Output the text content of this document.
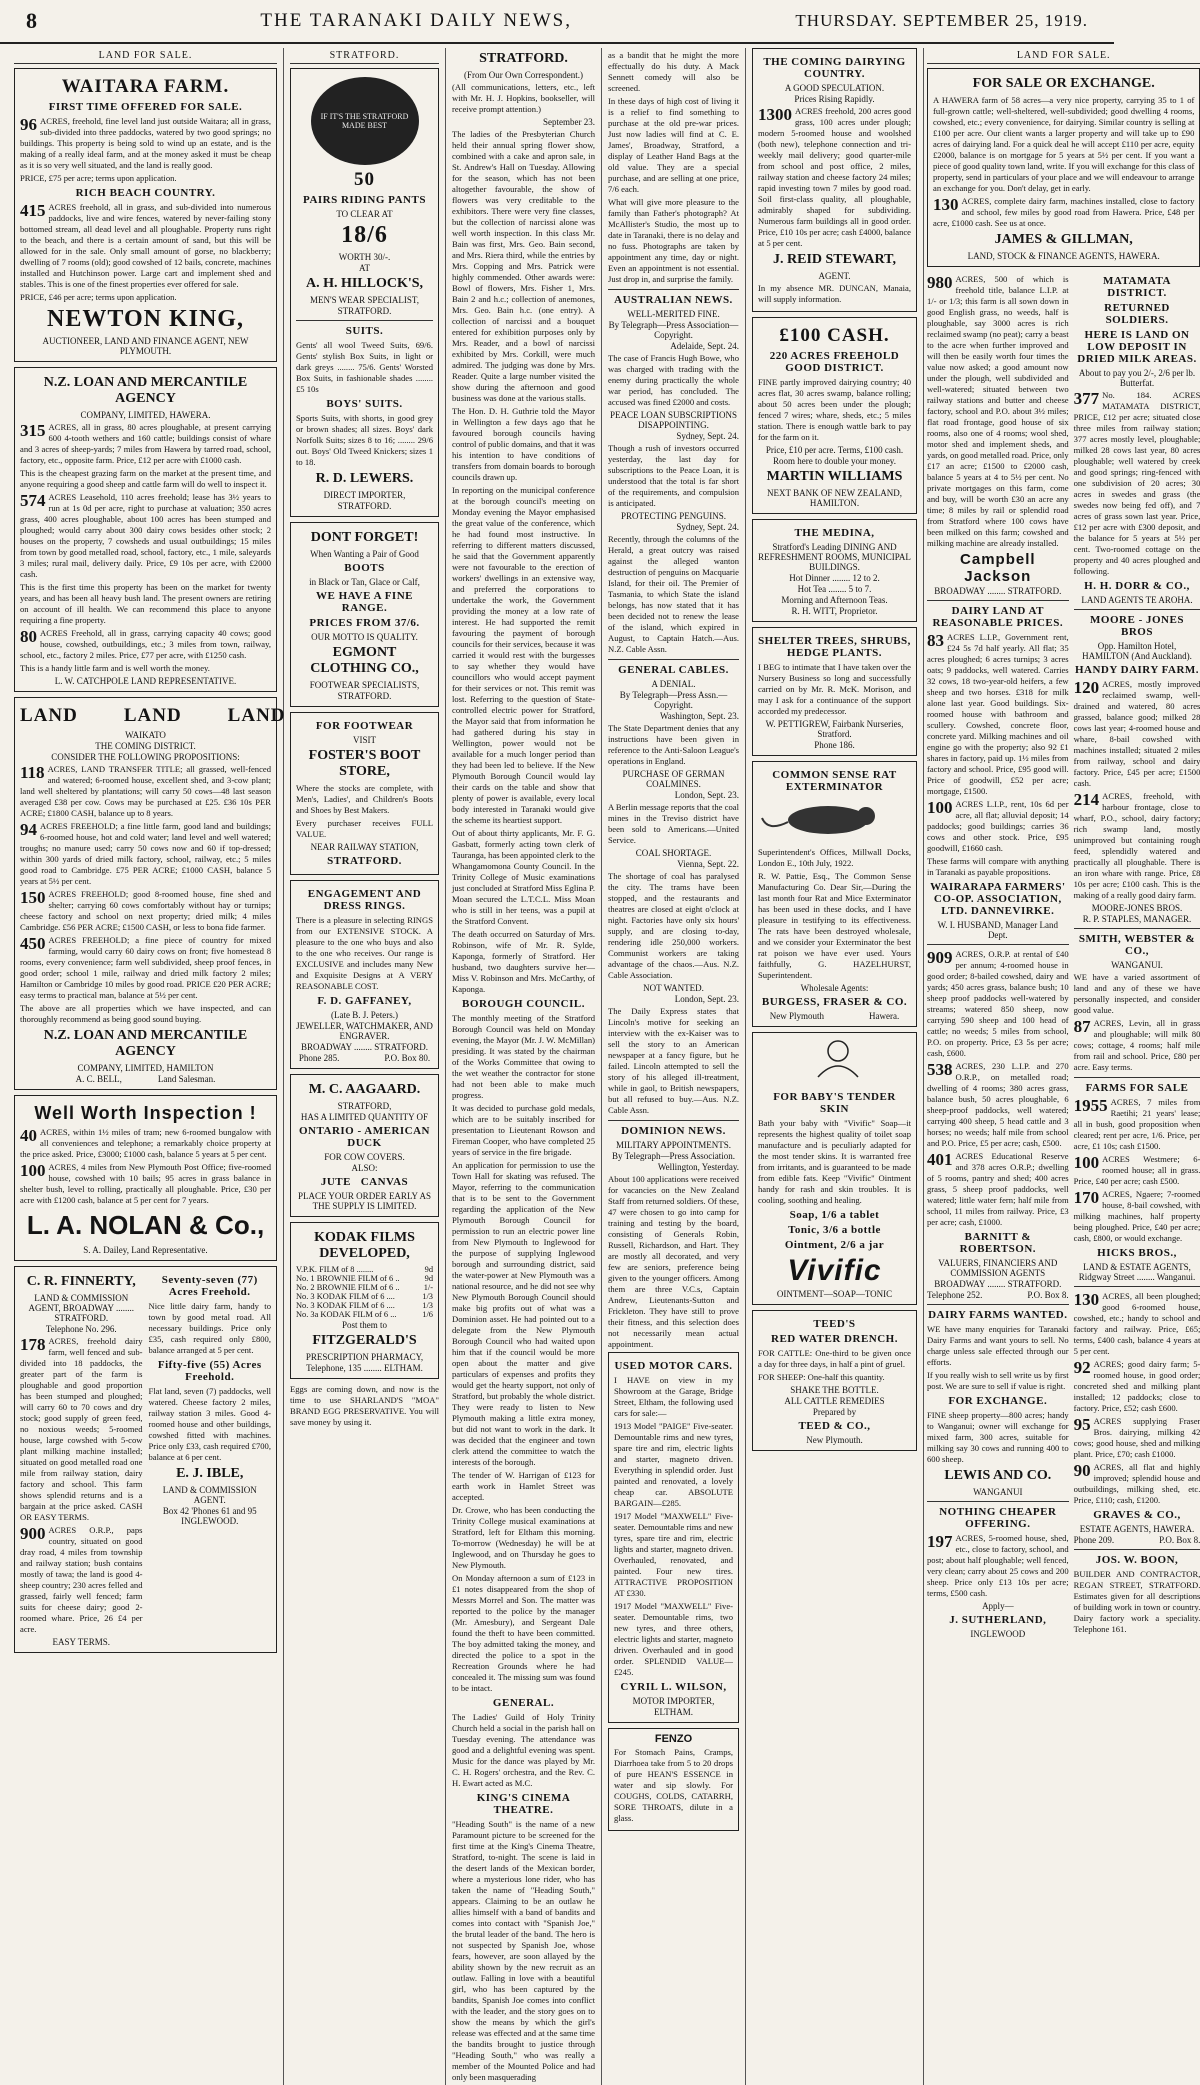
8	THE TARANAKI DAILY NEWS,	THURSDAY. SEPTEMBER 25, 1919.
LAND FOR SALE.
WAITARA FARM.
FIRST TIME OFFERED FOR SALE.

96 ACRES, freehold, fine level land just outside Waitara; all in grass, sub-divided into three paddocks, watered by two good springs; no buildings. This property is being sold to wind up an estate, and is the making of a really ideal farm, and at the money asked it must be cheap as it is so very well situated, and the land is really good.

PRICE, £75 per acre; terms upon application.

RICH BEACH COUNTRY.

415 ACRES freehold, all in grass, and sub-divided into numerous paddocks, live and wire fences, watered by never-failing stony bottomed stream, all dead level and all ploughable. Property runs right to the beach, and there is a certain amount of sand, but this will be allowed for in the sale. Only small amount of gorse, no blackberry; dwelling of 7 rooms (old); good cowshed of 12 bails, concrete, machines installed and Hutchinson power. Large cart and implement shed and stables. This is one of the finest properties ever offered for sale.

PRICE, £46 per acre; terms upon application.

NEWTON KING,
AUCTIONEER, LAND AND FINANCE AGENT, NEW PLYMOUTH.
N.Z. LOAN AND MERCANTILE AGENCY
COMPANY, LIMITED, HAWERA.

315 ACRES, all in grass, 80 acres ploughable, at present carrying 600 4-tooth wethers and 160 cattle; buildings consist of whare and 3 acres of sheep-yards; 7 miles from Hawera by tarred road, school, factory, etc., opposite farm. Price, £12 per acre with £1000 cash.

This is the cheapest grazing farm on the market at the present time, and anyone requiring a good sheep and cattle farm will do well to inspect it.

574 ACRES Leasehold, 110 acres freehold; lease has 3½ years to run at 1s 0d per acre, right to purchase at valuation; 350 acres grass, 400 acres ploughable, about 100 acres has been stumped and ploughed; would carry about 300 dairy cows besides other stock; 2 houses on the property, 7 cowsheds and usual outbuildings; 15 miles from town by good metalled road, school, factory, etc., 1 mile, saleyards 3 miles; rural mail, delivery daily. Price, £9 10s per acre, with £2000 cash.

This is the first time this property has been on the market for twenty years, and has been all heavy bush land. The present owners are retiring on account of ill health. We can recommend this place to anyone requiring a fine property.

80 ACRES Freehold, all in grass, carrying capacity 40 cows; good house, cowshed, outbuildings, etc.; 3 miles from town, railway, school, etc., factory 2 miles. Price, £77 per acre, with £1250 cash.

This is a handy little farm and is well worth the money.

L. W. CATCHPOLE LAND REPRESENTATIVE.
LAND        LAND        LAND
WAIKATO
THE COMING DISTRICT.
CONSIDER THE FOLLOWING PROPOSITIONS:

118 ACRES, LAND TRANSFER TITLE; all grassed, well-fenced and watered; 6-roomed house, excellent shed, and 3-cow plant; land well sheltered by plantations; will carry 50 cows—48 last season averaged £38 per cow. Cows may be purchased at £25. £36 10s PER ACRE; £1800 CASH, balance up to 8 years.

94 ACRES FREEHOLD; a fine little farm, good land and buildings; 6-roomed house, hot and cold water; land level and well watered; troughs; no manure used; carry 50 cows now and 60 if top-dressed; within 300 yards of dried milk factory, school, railway, etc.; 5 miles good road to Cambridge. £75 PER ACRE; £1000 CASH, balance 5 years at 5½ per cent.

150 ACRES FREEHOLD; good 8-roomed house, fine shed and shelter; carrying 60 cows comfortably without hay or turnips; cheese factory and school on next property; dried milk; 4 miles Cambridge. £56 PER ACRE; £1500 CASH, or less to bona fide farmer.

450 ACRES FREEHOLD; a fine piece of country for mixed farming, would carry 60 dairy cows on front; five homestead 8 rooms, every convenience; farm well subdivided, sheep proof fences, in good order; school 1 mile, railway and dried milk factory 2 miles; Hamilton or Cambridge 10 miles by good road. PRICE £20 PER ACRE; easy terms to practical man, balance at 5½ per cent.

The above are all properties which we have inspected, and can thoroughly recommend as being good sound buying.

N.Z. LOAN AND MERCANTILE AGENCY
COMPANY, LIMITED, HAMILTON
A. C. BELL,                Land Salesman.
Well Worth Inspection !

40 ACRES, within 1½ miles of tram; new 6-roomed bungalow with all conveniences and telephone; a remarkably choice property at the price asked. Price, £3000; £1000 cash, balance 5 years at 5 per cent.

100 ACRES, 4 miles from New Plymouth Post Office; five-roomed house, cowshed with 10 bails; 95 acres in grass balance in shelter bush, level to rolling, practically all ploughable. Price, £30 per acre with £1200 cash, balance at 5 per cent for 7 years.

L. A. NOLAN & Co.,
S. A. Dailey, Land Representative.
C. R. FINNERTY,
LAND & COMMISSION AGENT, BROADWAY ........ STRATFORD.
Telephone No. 296.

178 ACRES, freehold dairy farm, well fenced and sub-divided into 18 paddocks, the greater part of the farm is ploughable and good proportion has been stumped and ploughed; will carry 60 to 70 cows and dry stock; good supply of green feed, no noxious weeds; 5-roomed house, large cowshed with 5-cow plant milking machine installed; situated on good metalled road one mile from railway station, dairy factory and school. This farm shows splendid returns and is a bargain at the price asked. CASH OR EASY TERMS.

900 ACRES O.R.P., paps country, situated on good dray road, 4 miles from township and railway station; bush contains mostly of tawa; the land is good 4-sheep country; 230 acres felled and grassed, fairly well fenced; farm suits for cheese dairy; good 2-roomed whare. Price, 26 £4 per acre.

EASY TERMS.
Seventy-seven (77) Acres Freehold.

Nice little dairy farm, handy to town by good metal road. All necessary buildings. Price only £35, cash required only £800, balance arranged at 5 per cent.

Fifty-five (55) Acres Freehold.

Flat land, seven (7) paddocks, well watered. Cheese factory 2 miles, railway station 3 miles. Good 4-roomed house and other buildings, cowshed fitted with machines. Price only £33, cash required £700, balance at 6 per cent.

E. J. IBLE,
LAND & COMMISSION AGENT.
Box 42 'Phones 61 and 95 INGLEWOOD.
STRATFORD.
IF IT'S THE STRATFORD MADE BEST
50
PAIRS RIDING PANTS
TO CLEAR AT
18/6
WORTH 30/-.
AT
A. H. HILLOCK'S,
MEN'S WEAR SPECIALIST,
STRATFORD.
SUITS.

Gents' all wool Tweed Suits, 69/6. Gents' stylish Box Suits, in light or dark greys ........ 75/6. Gents' Worsted Box Suits, in fashionable shades ........ £5 10s

BOYS' SUITS.

Sports Suits, with shorts, in good grey or brown shades; all sizes. Boys' dark Norfolk Suits; sizes 8 to 16; ........ 29/6 out. Boys' Old Tweed Knickers; sizes 1 to 18.

R. D. LEWERS.
DIRECT IMPORTER,
STRATFORD.
DONT FORGET!
When Wanting a Pair of Good
BOOTS
in Black or Tan, Glace or Calf,
WE HAVE A FINE RANGE.
PRICES FROM 37/6.
OUR MOTTO IS QUALITY.
EGMONT CLOTHING CO.,
FOOTWEAR SPECIALISTS,
STRATFORD.
FOR FOOTWEAR
VISIT
FOSTER'S BOOT STORE,

Where the stocks are complete, with Men's, Ladies', and Children's Boots and Shoes by Best Makers.

Every purchaser receives FULL VALUE.

NEAR RAILWAY STATION,
STRATFORD.
ENGAGEMENT AND DRESS RINGS.

There is a pleasure in selecting RINGS from our EXTENSIVE STOCK. A pleasure to the one who buys and also to the one who receives. Our range is EXCLUSIVE and includes many New and Exquisite Designs at A VERY REASONABLE COST.

F. D. GAFFANEY,
(Late B. J. Peters.)
JEWELLER, WATCHMAKER, AND ENGRAVER.
BROADWAY ........ STRATFORD.
Phone 285.                    P.O. Box 80.
M. C. AAGAARD.
STRATFORD,
HAS A LIMITED QUANTITY OF
ONTARIO - AMERICAN DUCK
FOR COW COVERS.
ALSO:
JUTE   CANVAS
PLACE YOUR ORDER EARLY AS THE SUPPLY IS LIMITED.
KODAK FILMS DEVELOPED,
V.P.K. FILM of 8 ........	9d
No. 1 BROWNIE FILM of 6 ..	9d
No. 2 BROWNIE FILM of 6 ..	1/-
No. 3 KODAK FILM of 6 ....	1/3
No. 3 KODAK FILM of 6 ....	1/3
No. 3a KODAK FILM of 6 ...	1/6
Post them to
FITZGERALD'S
PRESCRIPTION PHARMACY,
Telephone, 135 ........ ELTHAM.

Eggs are coming down, and now is the time to use SHARLAND'S "MOA" BRAND EGG PRESERVATIVE. You will save money by using it.

STRATFORD.
(From Our Own Correspondent.)

(All communications, letters, etc., left with Mr. H. J. Hopkins, bookseller, will receive prompt attention.)

September 23.

The ladies of the Presbyterian Church held their annual spring flower show, combined with a cake and apron sale, in St. Andrew's Hall on Tuesday. Allowing for the season, which has not been altogether favourable, the show of flowers was very creditable to the exhibitors. There were very fine classes, but the collection of narcissi alone was well worth inspection. In this class Mr. Bain was first, Mrs. Geo. Bain second, and Mrs. Riera third, while the entries by Mrs. Copping and Mrs. Patrick were highly commended. Other awards were: Bowl of flowers, Mrs. Fisher 1, Mrs. Bain 2 and h.c.; collection of anemones, Mrs. Geo. Bain h.c. (one entry). A collection of narcissi and a bouquet entered for exhibition purposes only by Mrs. Reader, and a bowl of narcissi exhibited by Mrs. Corkill, were much admired. The judging was done by Mrs. Reader. Quite a large number visited the show during the afternoon and good business was done at the various stalls.

The Hon. D. H. Guthrie told the Mayor in Wellington a few days ago that he favoured borough councils having control of public domains, and that it was his intention to have conditions of transfers from domain boards to borough councils drawn up.

In reporting on the municipal conference at the borough council's meeting on Monday evening the Mayor emphasised the great value of the conference, which he had found most instructive. In referring to different matters discussed, he said that the Government apparently were not favourable to the erection of workers' dwellings in an extensive way, and preferred the corporations to undertake the work, the Government providing the money at a low rate of interest. He had supported the remit favouring the payment of borough councils for their services, because it was carried it would rest with the burgesses to say whether they would have councillors who would accept payment for their services or not. This remit was lost. Referring to the question of State-controlled electric power for Stratford, the Mayor said that from information he had gathered during his stay in Wellington, power would not be available for a much longer period than they had been led to believe. If the New Plymouth Borough Council would lay their cards on the table and show that plenty of power is available, every local body interested in Taranaki would give the scheme its heartiest support.

Out of about thirty applicants, Mr. F. G. Gasbatt, formerly acting town clerk of Tauranga, has been appointed clerk to the Whangamomona County Council. In the Trinity College of Music examinations just concluded at Stratford Miss Eglina P. Moan secured the L.T.C.L. Miss Moan who is still in her teens, was a pupil at the Stratford Convent.

The death occurred on Saturday of Mrs. Robinson, wife of Mr. R. Sylde, Kaponga, formerly of Stratford. Her husband, two daughters survive her—Miss V. Robinson and Mrs. McCarthy, of Kaponga.

BOROUGH COUNCIL.

The monthly meeting of the Stratford Borough Council was held on Monday evening, the Mayor (Mr. J. W. McMillan) presiding. It was stated by the chairman of the Works Committee that owing to the wet weather the contractor for stone had not been able to make much progress.

It was decided to purchase gold medals, which are to be suitably inscribed for presentation to Lieutenant Rowson and Fireman Cooper, who have completed 25 years of service in the fire brigade.

An application for permission to use the Town Hall for skating was refused. The Mayor, referring to the communication that is to be sent to the Government regarding the application of the New Plymouth Borough Council for permission to run an electric power line from New Plymouth to Inglewood for the purpose of supplying Inglewood borough and surrounding district, said the water-power at New Plymouth was a national resource, and he did not see why New Plymouth Borough Council should make big profits out of what was a Dominion asset. He had pointed out to a delegate from the New Plymouth Borough Council who had waited upon him that if the council would be more open about the matter and give particulars of expenses and profits they would get the hearty support, not only of Stratford, but probably the whole district. They were ready to listen to New Plymouth making a little extra money, but did not want to work in the dark. It was decided that the engineer and town clerk attend the committee to watch the interests of the borough.

The tender of W. Harrigan of £123 for earth work in Hamlet Street was accepted.

Dr. Crowe, who has been conducting the Trinity College musical examinations at Stratford, left for Eltham this morning. To-morrow (Wednesday) he will be at Inglewood, and on Thursday he goes to New Plymouth.

On Monday afternoon a sum of £123 in £1 notes disappeared from the shop of Messrs Morrel and Son. The matter was reported to the police by the manager (Mr. Amesbury), and Sergeant Dale found the theft to have been committed. The boy admitted taking the money, and directed the police to a spot in the Recreation Grounds where he had concealed it. The missing sum was found to be intact.

GENERAL.

The Ladies' Guild of Holy Trinity Church held a social in the parish hall on Tuesday evening. The attendance was good and a delightful evening was spent. Music for the dance was played by Mr. C. H. Rogers' orchestra, and the Rev. C. H. Ewart acted as M.C.

KING'S CINEMA THEATRE.

"Heading South" is the name of a new Paramount picture to be screened for the first time at the King's Cinema Theatre, Stratford, to-night. The scene is laid in the desert lands of the Mexican border, where a mysterious lone rider, who has taken the name of "Heading South," appears. Claiming to be an outlaw he allies himself with a band of bandits and comes into contact with "Spanish Joe," the brutal leader of the band. The hero is not suspected by Spanish Joe, whose fears, however, are soon allayed by the ability shown by the new recruit as an outlaw. Falling in love with a beautiful girl, who has been captured by the bandits, Spanish Joe comes into conflict with the leader, and the story goes on to show the means by which the girl's release was effected and at the same time the bandits brought to justice through "Heading South," who was really a member of the Mounted Police and had only been masquerading

as a bandit that he might the more effectually do his duty. A Mack Sennett comedy will also be screened.

In these days of high cost of living it is a relief to find something to purchase at the old pre-war prices. Just now ladies will find at C. E. James', Broadway, Stratford, a display of Leather Hand Bags at the old value. They are a special purchase, and are selling at one price, 7/6 each.

What will give more pleasure to the family than Father's photograph? At McAllister's Studio, the most up to date in Taranaki, there is no delay and no fuss. Photographs are taken by appointment any time, day or night. Even an appointment is not essential. Just drop in, and surprise the family.

AUSTRALIAN NEWS.
WELL-MERITED FINE.
By Telegraph—Press Association—Copyright.
Adelaide, Sept. 24.

The case of Francis Hugh Bowe, who was charged with trading with the enemy during practically the whole war period, has concluded. The accused was fined £2000 and costs.

PEACE LOAN SUBSCRIPTIONS DISAPPOINTING.
Sydney, Sept. 24.

Though a rush of investors occurred yesterday, the last day for subscriptions to the Peace Loan, it is understood that the total is far short of the requirements, and compulsion is anticipated.

PROTECTING PENGUINS.
Sydney, Sept. 24.

Recently, through the columns of the Herald, a great outcry was raised against the alleged wanton destruction of penguins on Macquarie Island, for their oil. The Premier of Tasmania, to which State the island belongs, has now stated that it has been decided not to renew the lease of the island, which expired in August, to Captain Hatch.—Aus. N.Z. Cable Assn.

GENERAL CABLES.
A DENIAL.
By Telegraph—Press Assn.—Copyright.
Washington, Sept. 23.

The State Department denies that any instructions have been given in reference to the Anti-Saloon League's operations in England.

PURCHASE OF GERMAN COALMINES.
London, Sept. 23.

A Berlin message reports that the coal mines in the Treviso district have been sold to Americans.—United Service.

COAL SHORTAGE.
Vienna, Sept. 22.

The shortage of coal has paralysed the city. The trams have been stopped, and the restaurants and theatres are closed at eight o'clock at night. Factories have only six hours' supply, and are closing to-day, rendering idle 250,000 workers. Communist workers are taking advantage of the chaos.—Aus. N.Z. Cable Association.

NOT WANTED.
London, Sept. 23.

The Daily Express states that Lincoln's motive for seeking an interview with the ex-Kaiser was to sell the story to an American newspaper at a fancy figure, but he failed. Lincoln attempted to sell the story of his alleged ill-treatment, while in gaol, to British newspapers, but all refused to buy.—Aus. N.Z. Cable Assn.

DOMINION NEWS.
MILITARY APPOINTMENTS.
By Telegraph—Press Association.
Wellington, Yesterday.

About 100 applications were received for vacancies on the New Zealand Staff from returned soldiers. Of these, 47 were chosen to go into camp for training and testing by the board, consisting of Generals Robin, Russell, Richardson, and Hart. They are mostly all decorated, and very few are seniors, preference being given to the younger officers. Among them are three V.C.s, Captain Andrew, Lieutenants-Sutton and Frickleton. They have still to prove their fitness, and this selection does not necessarily mean actual appointment.

USED MOTOR CARS.

I HAVE on view in my Showroom at the Garage, Bridge Street, Eltham, the following used cars for sale:—

1913 Model "PAIGE" Five-seater. Demountable rims and new tyres, spare tire and rim, electric lights and starter, magneto driven. Everything in splendid order. Just painted and renovated, a lovely cheap car. ABSOLUTE BARGAIN—£285.

1917 Model "MAXWELL" Five-seater. Demountable rims and new tyres, spare tire and rim, electric lights and starter, magneto driven. Overhauled, renovated, and painted. Four new tires. ATTRACTIVE PROPOSITION AT £330.

1917 Model "MAXWELL" Five-seater. Demountable rims, two new tyres, and three others, electric lights and starter, magneto driven. Overhauled and in good order. SPLENDID VALUE—£245.

CYRIL L. WILSON,
MOTOR IMPORTER,
ELTHAM.
FENZO

For Stomach Pains, Cramps, Diarrhoea take from 5 to 20 drops of pure HEAN'S ESSENCE in water and sip slowly. For COUGHS, COLDS, CATARRH, SORE THROATS, dilute in a glass.

THE COMING DAIRYING COUNTRY.
A GOOD SPECULATION.
Prices Rising Rapidly.

1300 ACRES freehold, 200 acres good grass, 100 acres under plough; modern 5-roomed house and woolshed (both new), telephone connection and tri-weekly mail delivery; good quarter-mile from school and post office, 2 miles, railway station and cheese factory 24 miles; rapid investing town 7 miles by good road. Soil first-class quality, all ploughable, admirably shaped for subdividing. Numerous farm buildings all in good order. Price, £10 10s per acre; cash £4000, balance at 5 per cent.

J. REID STEWART,
AGENT.

In my absence MR. DUNCAN, Manaia, will supply information.

£100 CASH.
220 ACRES FREEHOLD GOOD DISTRICT.

FINE partly improved dairying country; 40 acres flat, 30 acres swamp, balance rolling; about 50 acres been under the plough; fenced 7 wires; whare, sheds, etc.; 5 miles station. There is enough wattle bark to pay for the farm on it.

Price, £10 per acre. Terms, £100 cash.
Room here to double your money.
MARTIN WILLIAMS
NEXT BANK OF NEW ZEALAND, HAMILTON.
THE MEDINA,
Stratford's Leading DINING AND REFRESHMENT ROOMS, MUNICIPAL BUILDINGS.
Hot Dinner ........ 12 to 2.
Hot Tea ........ 5 to 7.
Morning and Afternoon Teas.
R. H. WITT, Proprietor.
SHELTER TREES, SHRUBS, HEDGE PLANTS.

I BEG to intimate that I have taken over the Nursery Business so long and successfully carried on by Mr. R. McK. Morison, and may I ask for a continuance of the support accorded my predecessor.

W. PETTIGREW, Fairbank Nurseries, Stratford.
Phone 186.
COMMON SENSE RAT EXTERMINATOR

Superintendent's Offices, Millwall Docks, London E., 10th July, 1922.

R. W. Pattie, Esq., The Common Sense Manufacturing Co. Dear Sir,—During the last month four Rat and Mice Exterminator has been used in these docks, and I have pleasure in testifying to its effectiveness. The rats have been destroyed wholesale, and we consider your Exterminator the best rat poison we have ever used. Yours faithfully, G. HAZELHURST, Superintendent.

Wholesale Agents:
BURGESS, FRASER & CO.
New Plymouth                    Hawera.
FOR BABY'S TENDER SKIN

Bath your baby with "Vivific" Soap—it represents the highest quality of toilet soap manufacture and is peculiarly adapted for the most tender skins. It is warranted free from irritants, and is guaranteed to be made from edible fats. Keep "Vivific" Ointment handy for rash and skin troubles. It is cooling, soothing and healing.

Soap, 1/6 a tablet
Tonic, 3/6 a bottle
Ointment, 2/6 a jar
Vivific
OINTMENT—SOAP—TONIC
TEED'S
RED WATER DRENCH.

FOR CATTLE: One-third to be given once a day for three days, in half a pint of gruel.

FOR SHEEP: One-half this quantity.

SHAKE THE BOTTLE.
ALL CATTLE REMEDIES
Prepared by
TEED & CO.,
New Plymouth.
LAND FOR SALE.
FOR SALE OR EXCHANGE.

A HAWERA farm of 58 acres—a very nice property, carrying 35 to 1 of full-grown cattle; well-sheltered, well-subdivided; good dwelling 4 rooms, cowshed, etc.; every convenience, for dairying. Similar country is selling at £100 per acre. Our client wants a larger property and will take up to £90 acres of dairying land. For a quick deal he will accept £110 per acre, equity £2000, balance is on mortgage for 5 years at 5½ per cent. If you want a piece of good quality town land, write. If you will exchange for this class of property, send in particulars of your place and we will endeavour to arrange an exchange for you. Don't delay, get in early.

130 ACRES, complete dairy farm, machines installed, close to factory and school, few miles by good road from Hawera. Price, £48 per acre, £1000 cash. See us at once.

JAMES & GILLMAN,
LAND, STOCK & FINANCE AGENTS, HAWERA.

980 ACRES, 500 of which is freehold title, balance L.I.P. at 1/- or 1/3; this farm is all sown down in good English grass, no weeds, half is ploughable, say 3000 acres is rich reclaimed swamp (no peat); carry a beast to the acre when further improved and will then be easily worth four times the value now asked; a good amount now under the plough, well subdivided and well-watered; situated between two railway stations and butter and cheese factory, school and P.O. about 3½ miles; flat road frontage, good house of six rooms, also one of 4 rooms; wool shed, motor shed and implement sheds, and yards, on good metalled road. Price, only £17 an acre; £1500 to £2000 cash, balance 5 years at 4 to 5½ per cent. No private mortgages on this farm, come and buy, will be worth £30 an acre any time; 8 miles by rail or splendid road from Stratford where 100 cows have been milked on this farm; cowshed and milking machine are already installed.

Campbell Jackson
BROADWAY ........ STRATFORD.
DAIRY LAND AT REASONABLE PRICES.

83 ACRES L.I.P., Government rent, £24 5s 7d half yearly. All flat; 35 acres ploughed; 6 acres turnips; 3 acres oats; 9 paddocks, well watered. Carries 32 cows, 18 two-year-old heifers, a few sheep and two horses. £318 for milk alone last year. Good buildings. Six-roomed house with bathroom and scullery. Cowshed, concrete floor, concrete yard. Milking machines and oil engine go with the property; also 92 £1 shares in factory, paid up. 1½ miles from factory and school. Price, £95 good will. Price of goodwill, £52 per acre; mortgage, £1500.

100 ACRES L.I.P., rent, 10s 6d per acre, all flat; alluvial deposit; 14 paddocks; good buildings; carries 36 cows and other stock. Price, £95 goodwill, £1660 cash.

These farms will compare with anything in Taranaki as payable propositions.

WAIRARAPA FARMERS' CO-OP. ASSOCIATION, LTD. DANNEVIRKE.
W. I. HUSBAND, Manager Land Dept.

909 ACRES, O.R.P. at rental of £40 per annum; 4-roomed house in good order; 8-bailed cowshed, dairy and yards; 450 acres grass, balance bush; 10 sheep proof paddocks well-watered by streams; watered 850 sheep, now carrying 590 sheep and 100 head of cattle; no weeds; 5 miles from school, P.O. on property. Price, £3 5s per acre; cash, £600.

538 ACRES, 230 L.I.P. and 270 O.R.P., on metalled road; dwelling of 4 rooms; 380 acres grass, balance bush, 50 acres ploughable, 6 sheep-proof paddocks, well watered; carrying 400 sheep, 5 head cattle and 3 horses; no weeds; half mile from school and P.O. Price, £5 per acre; cash, £500.

401 ACRES Educational Reserve and 378 acres O.R.P.; dwelling of 5 rooms, pantry and shed; 400 acres grass, 5 sheep proof paddocks, well watered; little water fern; half mile from school, 11 miles from railway. Price, £3 per acre; cash, £1000.

BARNITT & ROBERTSON.
VALUERS, FINANCIERS AND COMMISSION AGENTS
BROADWAY ........ STRATFORD.
Telephone 252.                    P.O. Box 8.
DAIRY FARMS WANTED.

WE have many enquiries for Taranaki Dairy Farms and want yours to sell. No charge unless sale effected through our efforts.

If you really wish to sell write us by first post. We are sure to sell if value is right.

FOR EXCHANGE.

FINE sheep property—800 acres; handy to Wanganui; owner will exchange for mixed farm, 300 acres, suitable for milking say 30 cows and running 400 to 600 sheep.

LEWIS AND CO.
WANGANUI
NOTHING CHEAPER OFFERING.

197 ACRES, 5-roomed house, shed, etc., close to factory, school, and post; about half ploughable; well fenced, very clean; carry about 25 cows and 200 sheep. Price only £13 10s per acre; terms, £500 cash.

Apply—
J. SUTHERLAND,
INGLEWOOD
MATAMATA DISTRICT.
RETURNED SOLDIERS.
HERE IS LAND ON LOW DEPOSIT IN DRIED MILK AREAS.
About to pay you 2/-, 2/6 per lb. Butterfat.

377 No. 184. ACRES MATAMATA DISTRICT, PRICE, £12 per acre; situated close three miles from railway station; 377 acres mostly level, ploughable; milked 28 cows last year, 80 acres ploughable; well watered by creek and good springs; ring-fenced with one subdivision of 20 acres; 30 acres in swedes and grass (the swedes now being fed off), and 7 acres of grass sown last year. Price, £12 per acre with £300 deposit, and the balance for 5 years at 5½ per cent. Two-roomed cottage on the property and 40 acres ploughed and following.

H. H. DORR & CO.,
LAND AGENTS TE AROHA.
MOORE - JONES BROS
Opp. Hamilton Hotel, HAMILTON (And Auckland).
HANDY DAIRY FARM.

120 ACRES, mostly improved reclaimed swamp, well-drained and watered, 80 acres grassed, balance good; milked 28 cows last year; 4-roomed house and whare, 8-bail cowshed with machines installed; situated 2 miles from railway, school and dairy factory. Price, £45 per acre; £1500 cash.

214 ACRES, freehold, with harbour frontage, close to wharf, P.O., school, dairy factory; rich swamp land, mostly unimproved but containing rough feed, splendidly watered and practically all ploughable. There is an iron whare with range. Price, £8 10s per acre; £100 cash. This is the making of a really good dairy farm.

MOORE-JONES BROS.
R. P. STAPLES, MANAGER.
SMITH, WEBSTER & CO.,
WANGANUI.

WE have a varied assortment of land and any of these we have personally inspected, and consider good value.

87 ACRES, Levin, all in grass and ploughable; will milk 80 cows; cottage, 4 rooms; half mile from rail and school. Price, £80 per acre. Easy terms.

FARMS FOR SALE

1955 ACRES, 7 miles from Raetihi; 21 years' lease; all in bush, good proposition when cleared; rent per acre, 1/6. Price, per acre, £1 10s; cash £1500.

100 ACRES Westmere; 6-roomed house; all in grass. Price, £40 per acre; cash £500.

170 ACRES, Ngaere; 7-roomed house, 8-bail cowshed, with milking machines, half property being ploughed. Price, £40 per acre; cash, £800, or would exchange.

HICKS BROS.,
LAND & ESTATE AGENTS, Ridgway Street ........ Wanganui.

130 ACRES, all been ploughed; good 6-roomed house, cowshed, etc.; handy to school and factory and railway. Price, £65; terms, £400 cash, balance 4 years at 5 per cent.

92 ACRES; good dairy farm; 5-roomed house, in good order; concreted shed and milking plant installed; 12 paddocks; close to factory. Price, £52; cash £600.

95 ACRES supplying Fraser Bros. dairying, milking 42 cows; good house, shed and milking plant. Price, £70; cash £1000.

90 ACRES, all flat and highly improved; splendid house and outbuildings, milking shed, etc. Price, £110; cash, £1200.

GRAVES & CO.,
ESTATE AGENTS, HAWERA.
Phone 209.                    P.O. Box 8.
JOS. W. BOON,

BUILDER AND CONTRACTOR, REGAN STREET, STRATFORD. Estimates given for all descriptions of building work in town or country. Dairy factory work a speciality. Telephone 161.
